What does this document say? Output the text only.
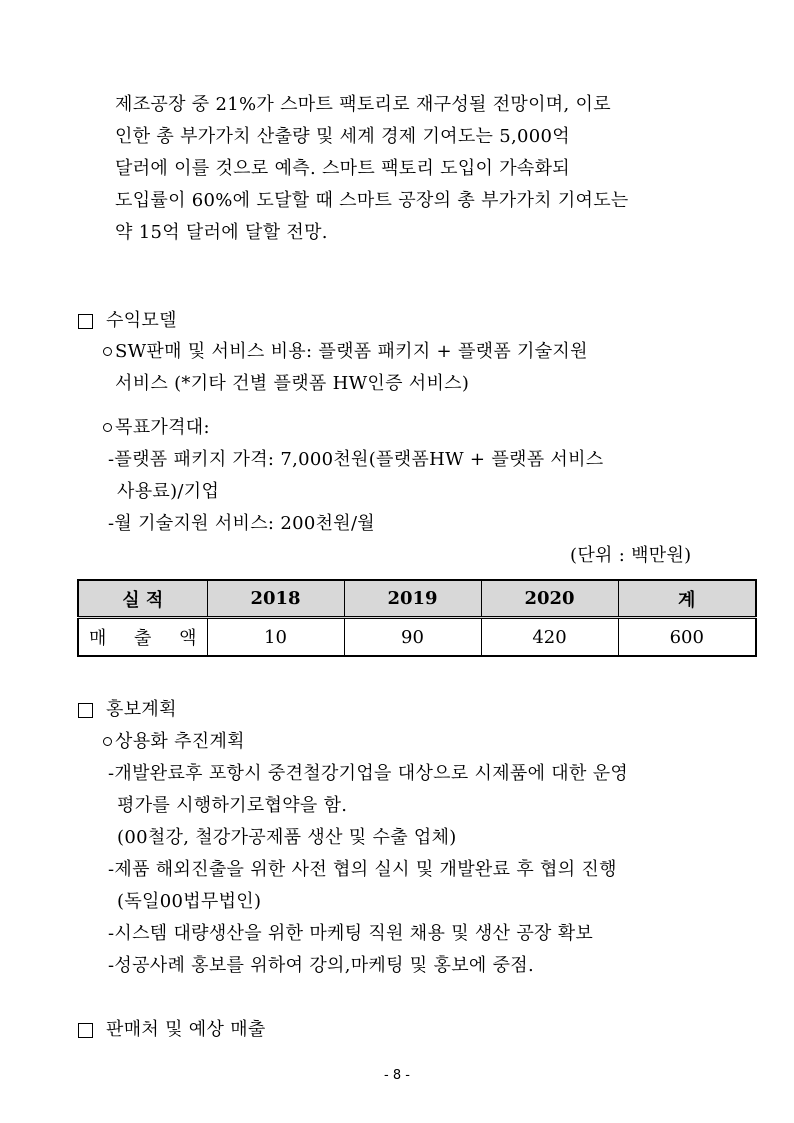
제조공장 중 21%가 스마트 팩토리로 재구성될 전망이며, 이로
인한 총 부가가치 산출량 및 세계 경제 기여도는 5,000억
달러에 이를 것으로 예측. 스마트 팩토리 도입이 가속화되
도입률이 60%에 도달할 때 스마트 공장의 총 부가가치 기여도는
약 15억 달러에 달할 전망.
수익모델
SW판매 및 서비스 비용: 플랫폼 패키지 + 플랫폼 기술지원
서비스 (*기타 건별 플랫폼 HW인증 서비스)
목표가격대:
-플랫폼 패키지 가격: 7,000천원(플랫폼HW + 플랫폼 서비스
사용료)/기업
-월 기술지원 서비스: 200천원/월
(단위 : 백만원)
실 적	2018	2019	2020	계
매 출 액	10	90	420	600
홍보계획
상용화 추진계획
-개발완료후 포항시 중견철강기업을 대상으로 시제품에 대한 운영
평가를 시행하기로협약을 함.
(00철강, 철강가공제품 생산 및 수출 업체)
-제품 해외진출을 위한 사전 협의 실시 및 개발완료 후 협의 진행
(독일00법무법인)
-시스템 대량생산을 위한 마케팅 직원 채용 및 생산 공장 확보
-성공사례 홍보를 위하여 강의,마케팅 및 홍보에 중점.
판매처 및 예상 매출
- 8 -
